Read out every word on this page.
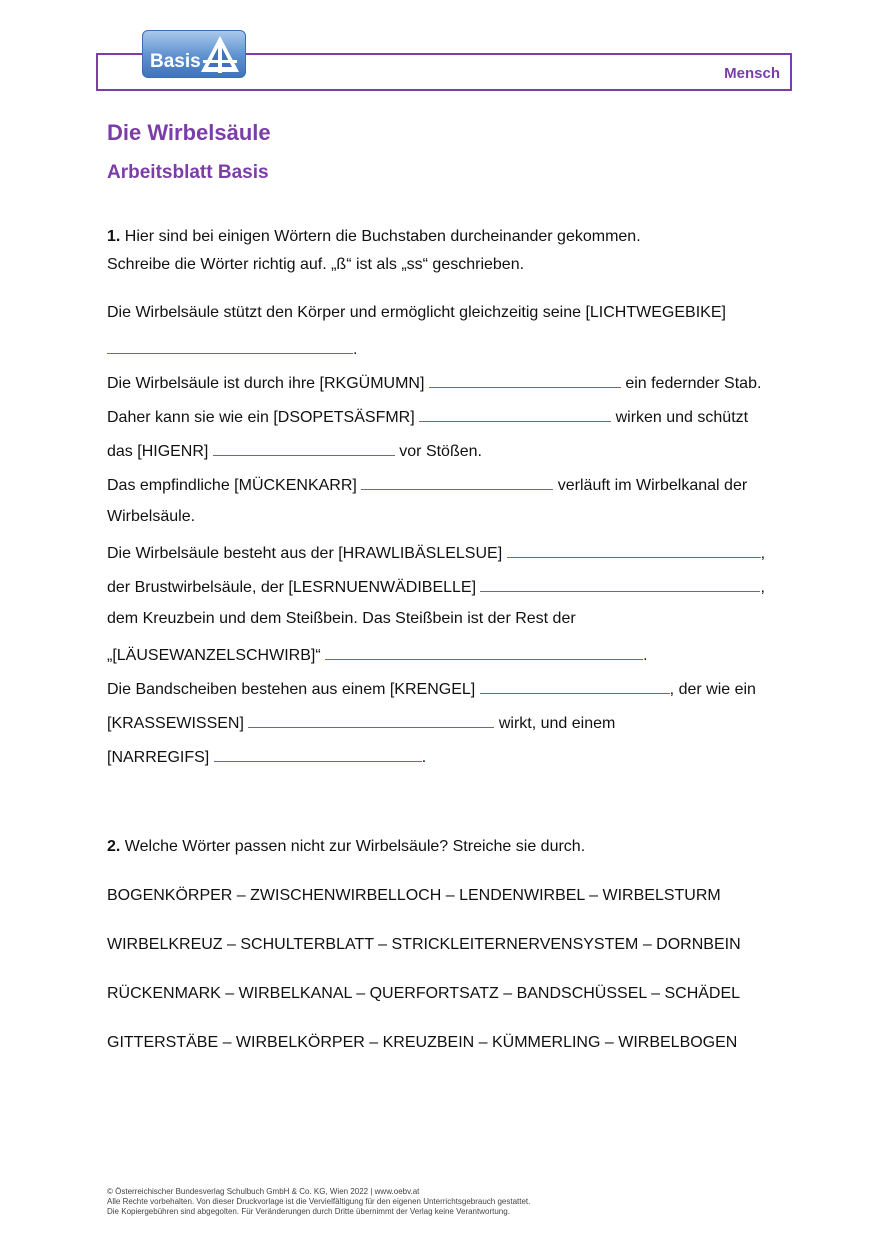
Mensch
Basis
Die Wirbelsäule
Arbeitsblatt Basis

1. Hier sind bei einigen Wörtern die Buchstaben durcheinander gekommen.

Schreibe die Wörter richtig auf. „ß“ ist als „ss“ geschrieben.

Die Wirbelsäule stützt den Körper und ermöglicht gleichzeitig seine [LICHTWEGEBIKE]
.
Die Wirbelsäule ist durch ihre [RKGÜMUMN]	ein federnder Stab.
Daher kann sie wie ein [DSOPETSÄSFMR]	wirken und schützt
das [HIGENR]	vor Stößen.
Das empfindliche [MÜCKENKARR]	verläuft im Wirbelkanal der
Wirbelsäule.
Die Wirbelsäule besteht aus der [HRAWLIBÄSLELSUE]	,
der Brustwirbelsäule, der [LESRNUENWÄDIBELLE]	,
dem Kreuzbein und dem Steißbein. Das Steißbein ist der Rest der
„[LÄUSEWANZELSCHWIRB]“	.
Die Bandscheiben bestehen aus einem [KRENGEL]	, der wie ein
[KRASSEWISSEN]	wirkt, und einem
[NARREGIFS]	.

2. Welche Wörter passen nicht zur Wirbelsäule? Streiche sie durch.

BOGENKÖRPER – ZWISCHENWIRBELLOCH – LENDENWIRBEL – WIRBELSTURM

WIRBELKREUZ – SCHULTERBLATT – STRICKLEITERNERVENSYSTEM – DORNBEIN

RÜCKENMARK – WIRBELKANAL – QUERFORTSATZ – BANDSCHÜSSEL – SCHÄDEL

GITTERSTÄBE – WIRBELKÖRPER – KREUZBEIN – KÜMMERLING – WIRBELBOGEN

© Österreichischer Bundesverlag Schulbuch GmbH & Co. KG, Wien 2022 | www.oebv.at
Alle Rechte vorbehalten. Von dieser Druckvorlage ist die Vervielfältigung für den eigenen Unterrichtsgebrauch gestattet.
Die Kopiergebühren sind abgegolten. Für Veränderungen durch Dritte übernimmt der Verlag keine Verantwortung.
